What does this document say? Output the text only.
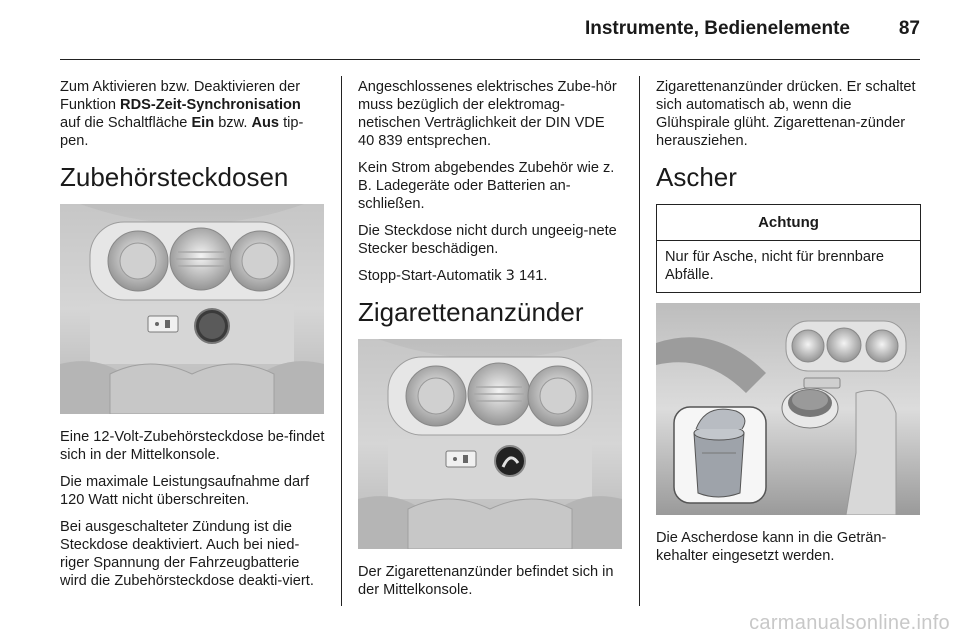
Instrumente, Bedienelemente	87

Zum Aktivieren bzw. Deaktivieren der Funktion RDS-Zeit-Synchronisation auf die Schaltfläche Ein bzw. Aus tip-pen.

Zubehörsteckdosen

Eine 12-Volt-Zubehörsteckdose be-findet sich in der Mittelkonsole.

Die maximale Leistungsaufnahme darf 120 Watt nicht überschreiten.

Bei ausgeschalteter Zündung ist die Steckdose deaktiviert. Auch bei nied-riger Spannung der Fahrzeugbatterie wird die Zubehörsteckdose deakti-viert.

Angeschlossenes elektrisches Zube-hör muss bezüglich der elektromag-netischen Verträglichkeit der DIN VDE 40 839 entsprechen.

Kein Strom abgebendes Zubehör wie z. B. Ladegeräte oder Batterien an-schließen.

Die Steckdose nicht durch ungeeig-nete Stecker beschädigen.

Stopp-Start-Automatik 3 141.

Zigarettenanzünder

Der Zigarettenanzünder befindet sich in der Mittelkonsole.

Zigarettenanzünder drücken. Er schaltet sich automatisch ab, wenn die Glühspirale glüht. Zigarettenan-zünder herausziehen.

Ascher
Achtung
Nur für Asche, nicht für brennbare Abfälle.

Die Ascherdose kann in die Geträn-kehalter eingesetzt werden.

carmanualsonline.info
